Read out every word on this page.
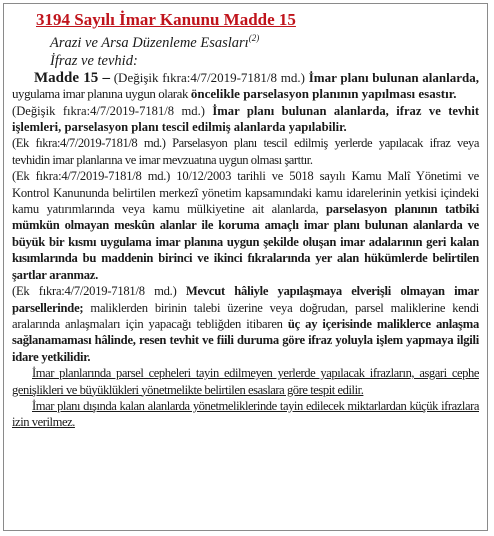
3194 Sayılı İmar Kanunu Madde 15

Arazi ve Arsa Düzenleme Esasları$^{(2)}$

İfraz ve tevhid:

Madde 15 – (Değişik fıkra:4/7/2019-7181/8 md.) İmar planı bulunan alanlarda, uygulama imar planına uygun olarak öncelikle parselasyon planının yapılması esastır.

(Değişik fıkra:4/7/2019-7181/8 md.) İmar planı bulunan alanlarda, ifraz ve tevhit işlemleri, parselasyon planı tescil edilmiş alanlarda yapılabilir.

(Ek fıkra:4/7/2019-7181/8 md.) Parselasyon planı tescil edilmiş yerlerde yapılacak ifraz veya tevhidin imar planlarına ve imar mevzuatına uygun olması şarttır.

(Ek fıkra:4/7/2019-7181/8 md.) 10/12/2003 tarihli ve 5018 sayılı Kamu Malî Yönetimi ve Kontrol Kanununda belirtilen merkezî yönetim kapsamındaki kamu idarelerinin yetkisi içindeki kamu yatırımlarında veya kamu mülkiyetine ait alanlarda, parselasyon planının tatbiki mümkün olmayan meskûn alanlar ile koruma amaçlı imar planı bulunan alanlarda ve büyük bir kısmı uygulama imar planına uygun şekilde oluşan imar adalarının geri kalan kısımlarında bu maddenin birinci ve ikinci fıkralarında yer alan hükümlerde belirtilen şartlar aranmaz.

(Ek fıkra:4/7/2019-7181/8 md.) Mevcut hâliyle yapılaşmaya elverişli olmayan imar parsellerinde; maliklerden birinin talebi üzerine veya doğrudan, parsel maliklerine kendi aralarında anlaşmaları için yapacağı tebliğden itibaren üç ay içerisinde maliklerce anlaşma sağlanamaması hâlinde, resen tevhit ve fiili duruma göre ifraz yoluyla işlem yapmaya ilgili idare yetkilidir.

İmar planlarında parsel cepheleri tayin edilmeyen yerlerde yapılacak ifrazların, asgari cephe genişlikleri ve büyüklükleri yönetmelikte belirtilen esaslara göre tespit edilir.

İmar planı dışında kalan alanlarda yönetmeliklerinde tayin edilecek miktarlardan küçük ifrazlara izin verilmez.
